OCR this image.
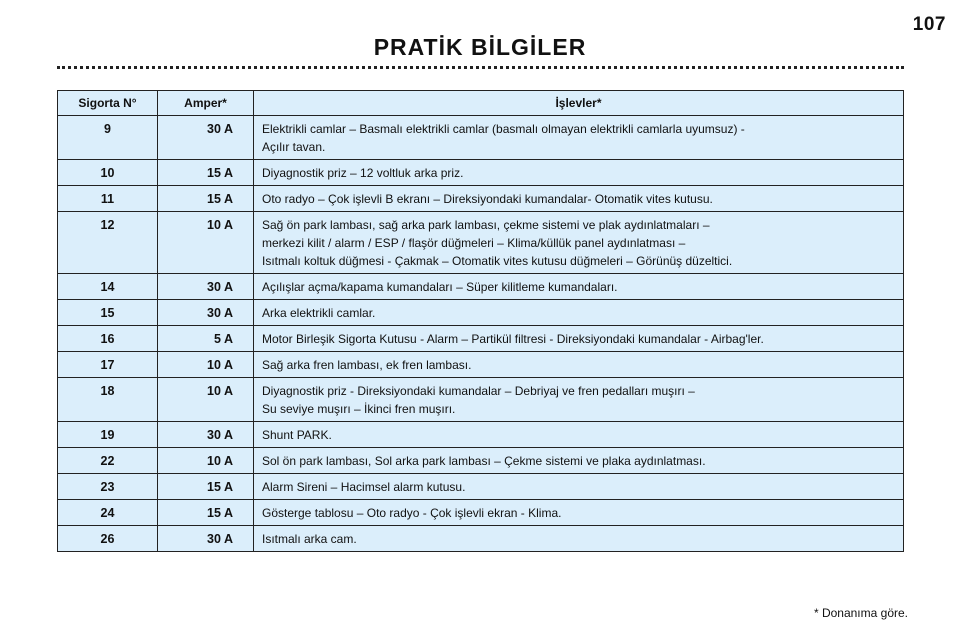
107
PRATİK BİLGİLER
Sigorta N°	Amper*	İşlevler*
9	30 A	Elektrikli camlar – Basmalı elektrikli camlar (basmalı olmayan elektrikli camlarla uyumsuz) -
Açılır tavan.

10	15 A	Diyagnostik priz – 12 voltluk arka priz.

11	15 A	Oto radyo – Çok işlevli B ekranı – Direksiyondaki kumandalar- Otomatik vites kutusu.

12	10 A	Sağ ön park lambası, sağ arka park lambası, çekme sistemi ve plak aydınlatmaları –
merkezi kilit / alarm / ESP / flaşör düğmeleri – Klima/küllük panel aydınlatması –
Isıtmalı koltuk düğmesi - Çakmak – Otomatik vites kutusu düğmeleri – Görünüş düzeltici.

14	30 A	Açılışlar açma/kapama kumandaları – Süper kilitleme kumandaları.

15	30 A	Arka elektrikli camlar.

16	5 A	Motor Birleşik Sigorta Kutusu - Alarm – Partikül filtresi - Direksiyondaki kumandalar - Airbag'ler.

17	10 A	Sağ arka fren lambası, ek fren lambası.

18	10 A	Diyagnostik priz - Direksiyondaki kumandalar – Debriyaj ve fren pedalları muşırı –
Su seviye muşırı – İkinci fren muşırı.

19	30 A	Shunt PARK.

22	10 A	Sol ön park lambası, Sol arka park lambası – Çekme sistemi ve plaka aydınlatması.

23	15 A	Alarm Sireni – Hacimsel alarm kutusu.

24	15 A	Gösterge tablosu – Oto radyo - Çok işlevli ekran - Klima.

26	30 A	Isıtmalı arka cam.
* Donanıma göre.
